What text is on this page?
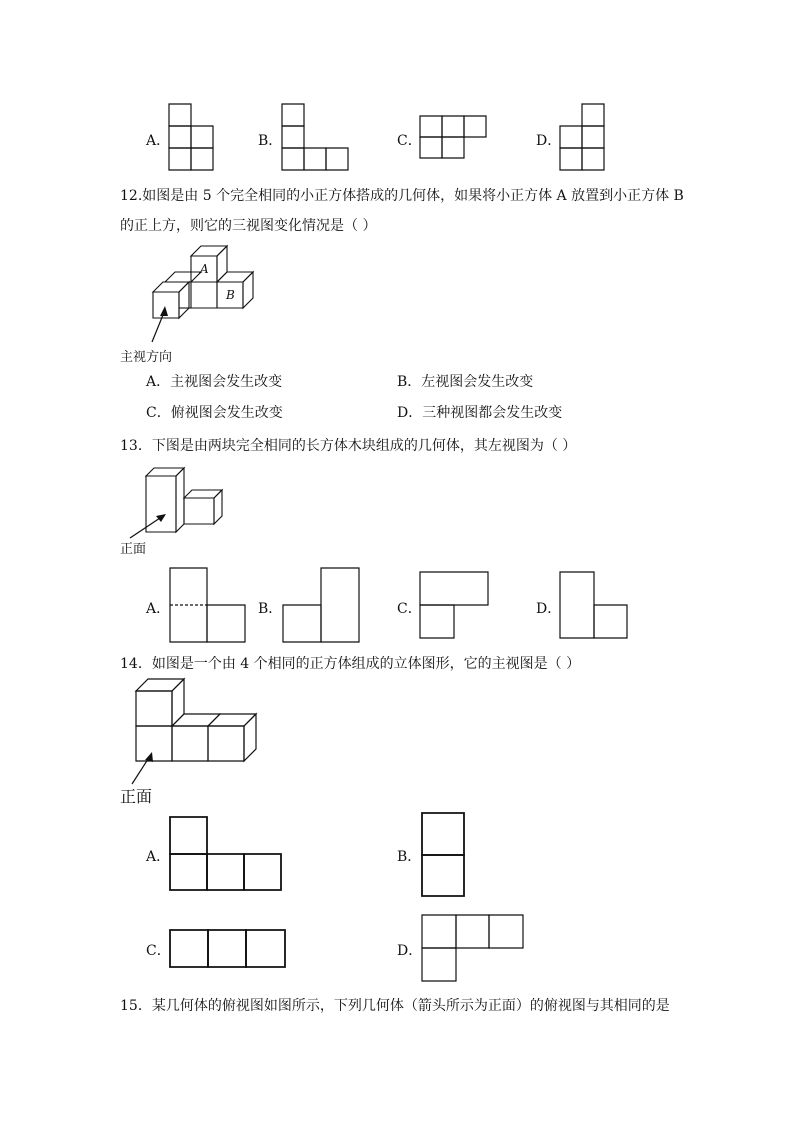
A．	B．	C．	D．
12.如图是由 5 个完全相同的小正方体搭成的几何体，如果将小正方体 A 放置到小正方体 B
的正上方，则它的三视图变化情况是（ ）
A
B
主视方向
A．主视图会发生改变	B．左视图会发生改变
C．俯视图会发生改变	D．三种视图都会发生改变
13．下图是由两块完全相同的长方体木块组成的几何体，其左视图为（ ）
正面
A．	B．	C．	D．
14．如图是一个由 4 个相同的正方体组成的立体图形，它的主视图是（ ）
正面
A．	B．
C．	D．
15．某几何体的俯视图如图所示，下列几何体（箭头所示为正面）的俯视图与其相同的是
